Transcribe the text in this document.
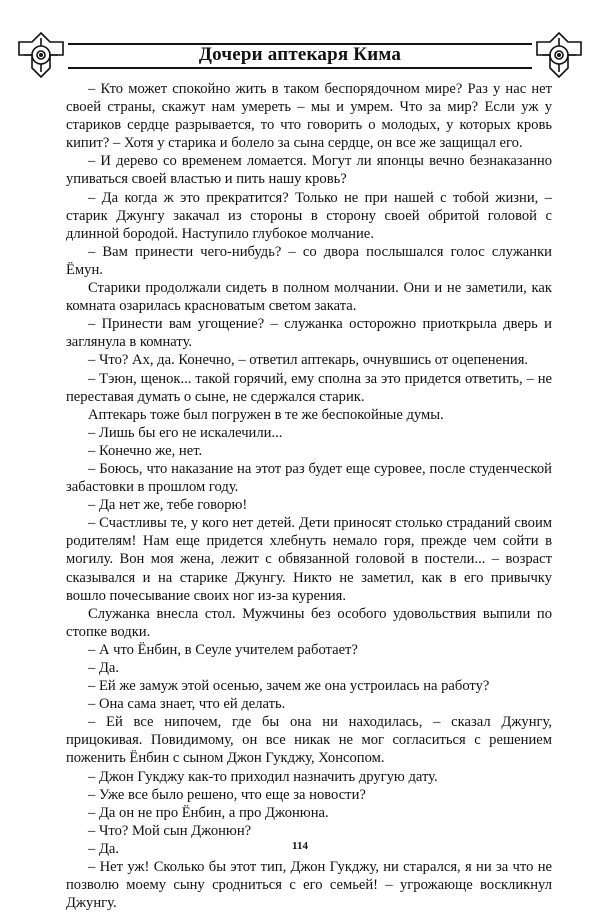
Дочери аптекаря Кима

– Кто может спокойно жить в таком беспорядочном мире? Раз у нас нет своей страны, скажут нам умереть – мы и умрем. Что за мир? Если уж у стариков сердце разрывается, то что говорить о молодых, у которых кровь кипит? – Хотя у старика и болело за сына сердце, он все же защищал его.

– И дерево со временем ломается. Могут ли японцы вечно безнаказанно упиваться своей властью и пить нашу кровь?

– Да когда ж это прекратится? Только не при нашей с тобой жизни, – старик Джунгу закачал из стороны в сторону своей обритой головой с длинной бородой. Наступило глубокое молчание.

– Вам принести чего-нибудь? – со двора послышался голос служанки Ёмун.

Старики продолжали сидеть в полном молчании. Они и не заметили, как комната озарилась красноватым светом заката.

– Принести вам угощение? – служанка осторожно приоткрыла дверь и заглянула в комнату.

– Что? Ах, да. Конечно, – ответил аптекарь, очнувшись от оцепенения.

– Тэюн, щенок... такой горячий, ему сполна за это придется ответить, – не переставая думать о сыне, не сдержался старик.

Аптекарь тоже был погружен в те же беспокойные думы.

– Лишь бы его не искалечили...

– Конечно же, нет.

– Боюсь, что наказание на этот раз будет еще суровее, после студенческой забастовки в прошлом году.

– Да нет же, тебе говорю!

– Счастливы те, у кого нет детей. Дети приносят столько страданий своим родителям! Нам еще придется хлебнуть немало горя, прежде чем сойти в могилу. Вон моя жена, лежит с обвязанной головой в постели... – возраст сказывался и на старике Джунгу. Никто не заметил, как в его привычку вошло почесывание своих ног из-за курения.

Служанка внесла стол. Мужчины без особого удовольствия выпили по стопке водки.

– А что Ёнбин, в Сеуле учителем работает?

– Да.

– Ей же замуж этой осенью, зачем же она устроилась на работу?

– Она сама знает, что ей делать.

– Ей все нипочем, где бы она ни находилась, – сказал Джунгу, прицокивая. Повидимому, он все никак не мог согласиться с решением поженить Ёнбин с сыном Джон Гукджу, Хонсопом.

– Джон Гукджу как-то приходил назначить другую дату.

– Уже все было решено, что еще за новости?

– Да он не про Ёнбин, а про Джонюна.

– Что? Мой сын Джонюн?

– Да.

– Нет уж! Сколько бы этот тип, Джон Гукджу, ни старался, я ни за что не позволю моему сыну сродниться с его семьей! – угрожающе воскликнул Джунгу.

114
